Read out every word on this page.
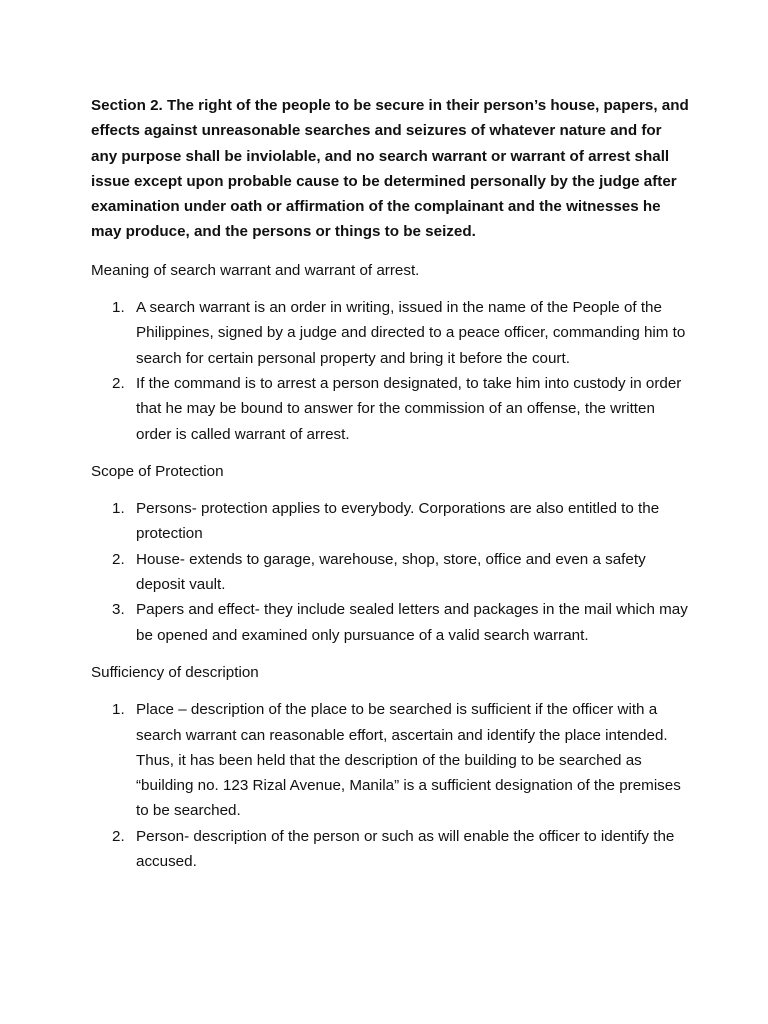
Section 2. The right of the people to be secure in their person’s house, papers, and effects against unreasonable searches and seizures of whatever nature and for any purpose shall be inviolable, and no search warrant or warrant of arrest shall issue except upon probable cause to be determined personally by the judge after examination under oath or affirmation of the complainant and the witnesses he may produce, and the persons or things to be seized.

Meaning of search warrant and warrant of arrest.

1. A search warrant is an order in writing, issued in the name of the People of the Philippines, signed by a judge and directed to a peace officer, commanding him to search for certain personal property and bring it before the court.
2. If the command is to arrest a person designated, to take him into custody in order that he may be bound to answer for the commission of an offense, the written order is called warrant of arrest.

Scope of Protection

1. Persons- protection applies to everybody. Corporations are also entitled to the protection
2. House- extends to garage, warehouse, shop, store, office and even a safety deposit vault.
3. Papers and effect- they include sealed letters and packages in the mail which may be opened and examined only pursuance of a valid search warrant.

Sufficiency of description

1. Place – description of the place to be searched is sufficient if the officer with a search warrant can reasonable effort, ascertain and identify the place intended. Thus, it has been held that the description of the building to be searched as “building no. 123 Rizal Avenue, Manila” is a sufficient designation of the premises to be searched.
2. Person- description of the person or such as will enable the officer to identify the accused.
